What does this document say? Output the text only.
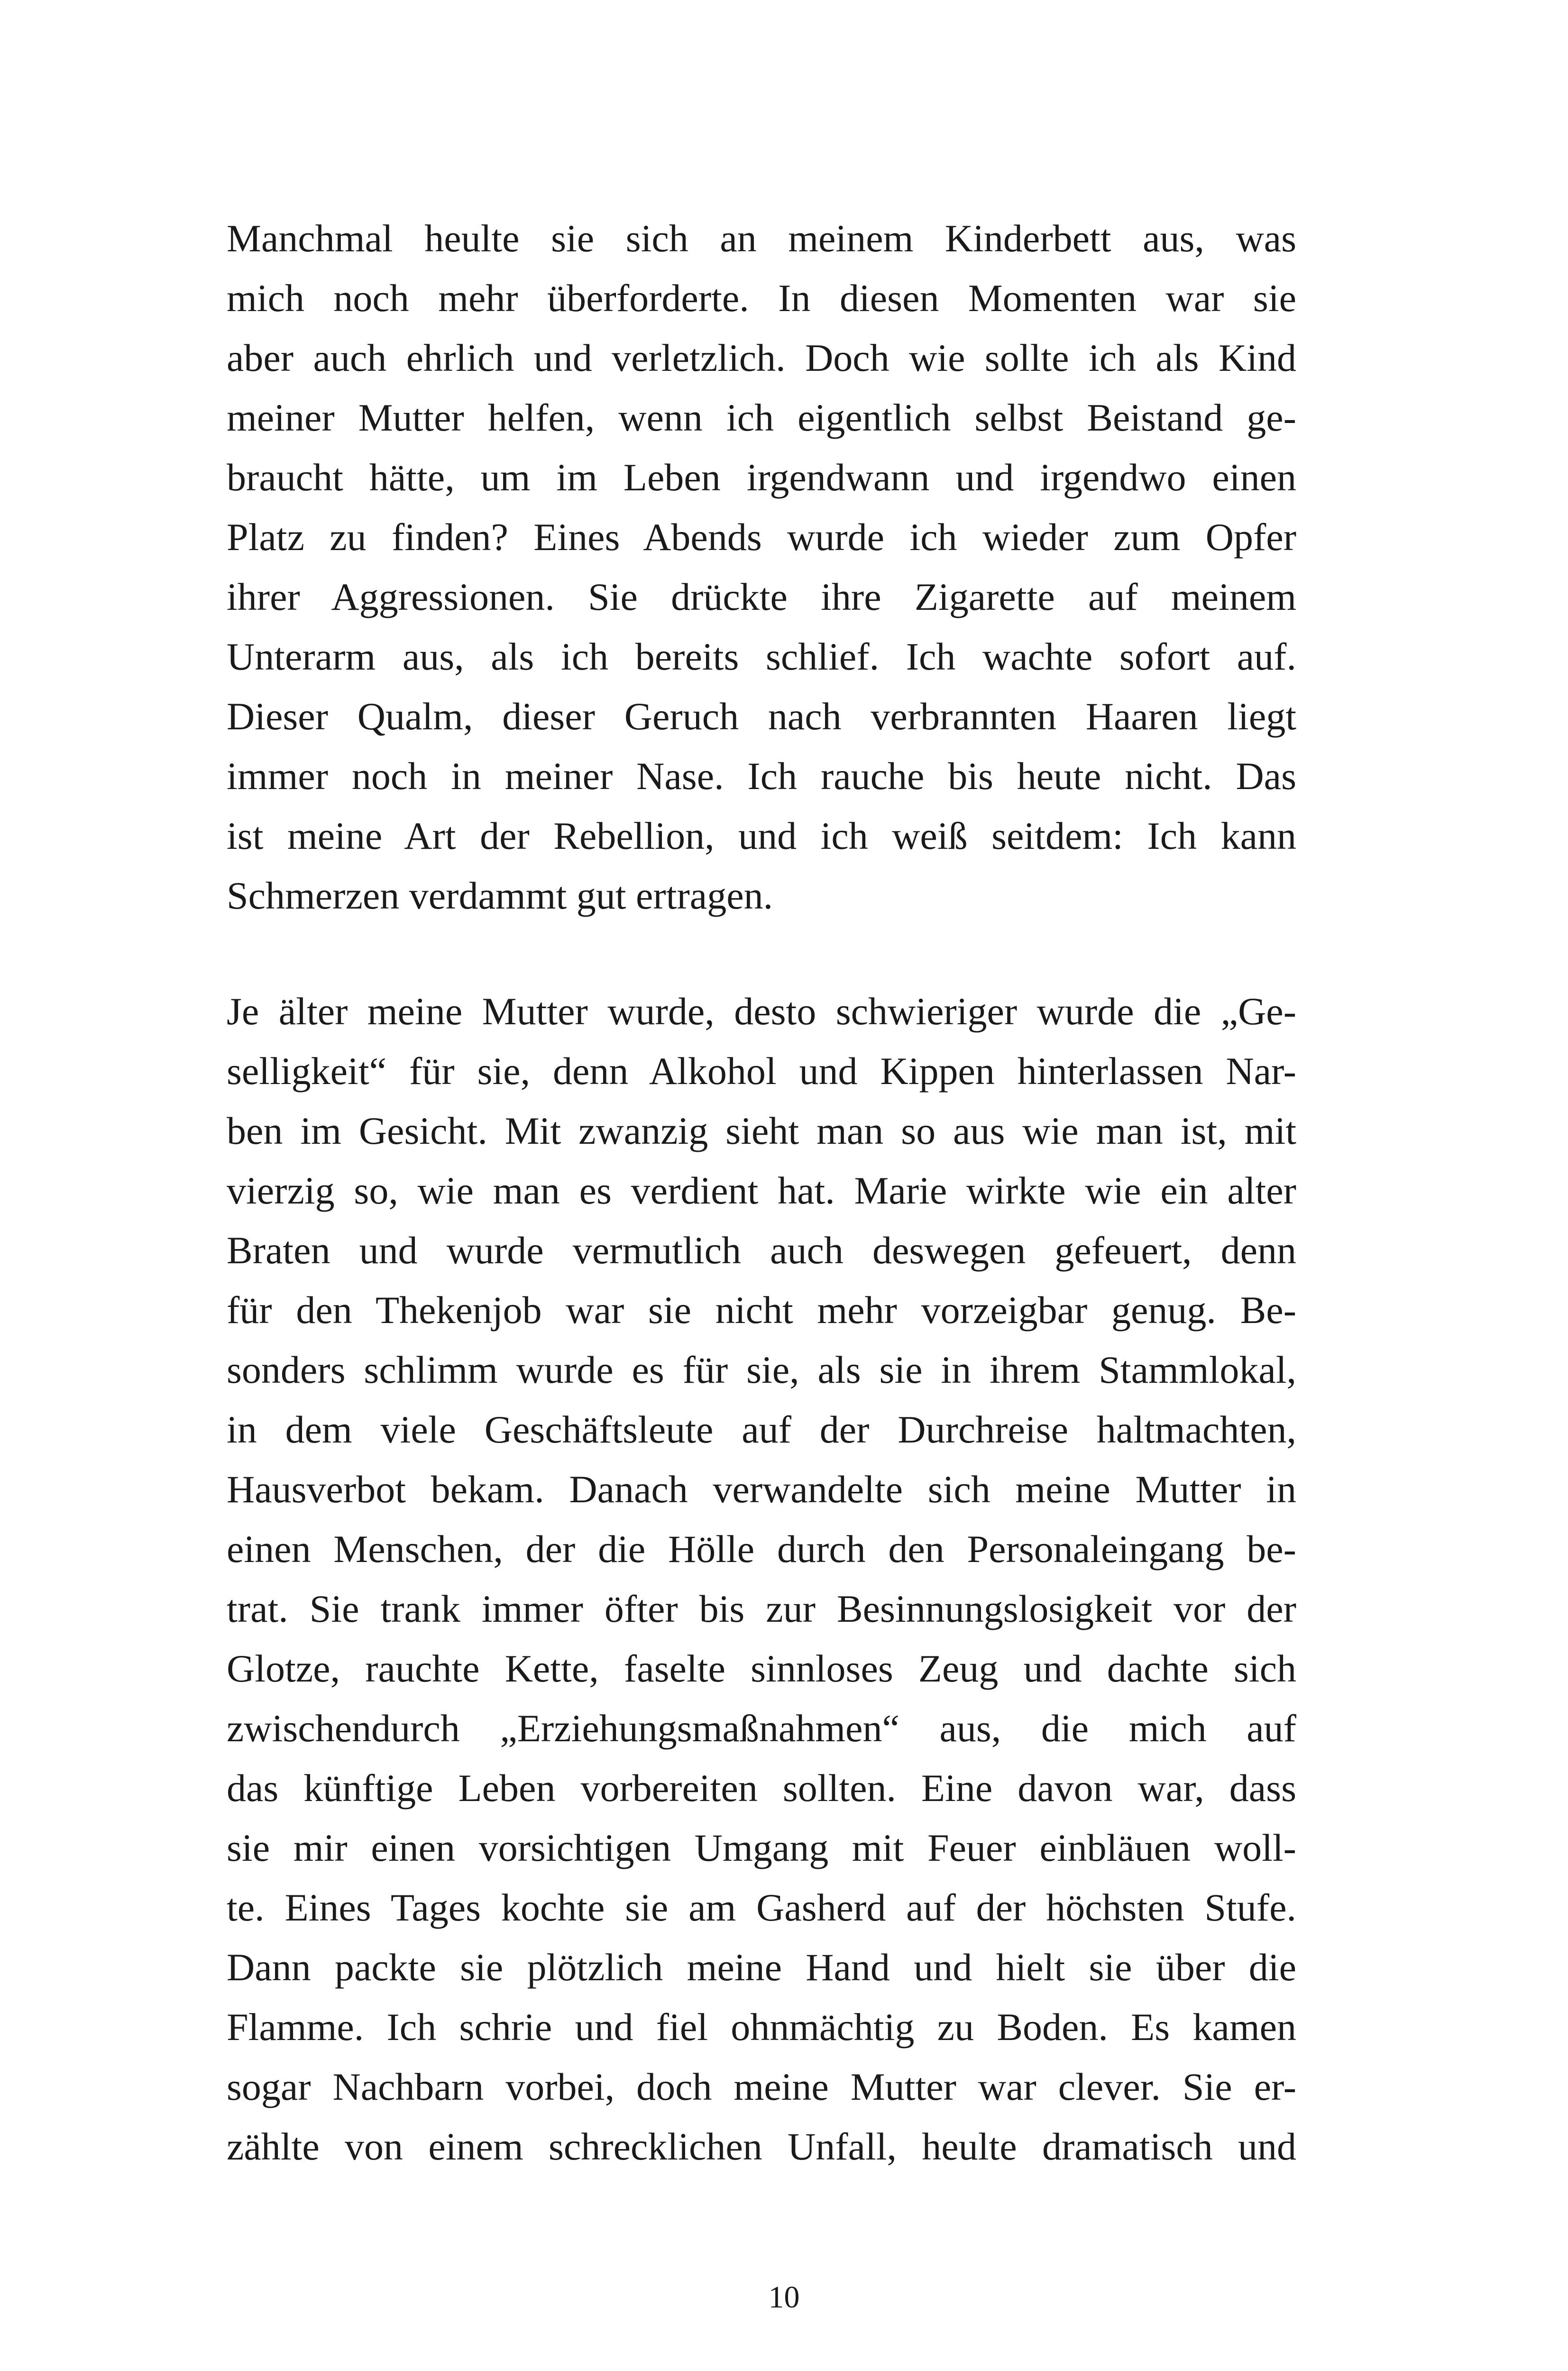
Manchmal heulte sie sich an meinem Kinderbett aus, was
mich noch mehr überforderte. In diesen Momenten war sie
aber auch ehrlich und verletzlich. Doch wie sollte ich als Kind
meiner Mutter helfen, wenn ich eigentlich selbst Beistand ge-
braucht hätte, um im Leben irgendwann und irgendwo einen
Platz zu finden? Eines Abends wurde ich wieder zum Opfer
ihrer Aggressionen. Sie drückte ihre Zigarette auf meinem
Unterarm aus, als ich bereits schlief. Ich wachte sofort auf.
Dieser Qualm, dieser Geruch nach verbrannten Haaren liegt
immer noch in meiner Nase. Ich rauche bis heute nicht. Das
ist meine Art der Rebellion, und ich weiß seitdem: Ich kann
Schmerzen verdammt gut ertragen.
Je älter meine Mutter wurde, desto schwieriger wurde die „Ge-
selligkeit“ für sie, denn Alkohol und Kippen hinterlassen Nar-
ben im Gesicht. Mit zwanzig sieht man so aus wie man ist, mit
vierzig so, wie man es verdient hat. Marie wirkte wie ein alter
Braten und wurde vermutlich auch deswegen gefeuert, denn
für den Thekenjob war sie nicht mehr vorzeigbar genug. Be-
sonders schlimm wurde es für sie, als sie in ihrem Stammlokal,
in dem viele Geschäftsleute auf der Durchreise haltmachten,
Hausverbot bekam. Danach verwandelte sich meine Mutter in
einen Menschen, der die Hölle durch den Personaleingang be-
trat. Sie trank immer öfter bis zur Besinnungslosigkeit vor der
Glotze, rauchte Kette, faselte sinnloses Zeug und dachte sich
zwischendurch „Erziehungsmaßnahmen“ aus, die mich auf
das künftige Leben vorbereiten sollten. Eine davon war, dass
sie mir einen vorsichtigen Umgang mit Feuer einbläuen woll-
te. Eines Tages kochte sie am Gasherd auf der höchsten Stufe.
Dann packte sie plötzlich meine Hand und hielt sie über die
Flamme. Ich schrie und fiel ohnmächtig zu Boden. Es kamen
sogar Nachbarn vorbei, doch meine Mutter war clever. Sie er-
zählte von einem schrecklichen Unfall, heulte dramatisch und
10
